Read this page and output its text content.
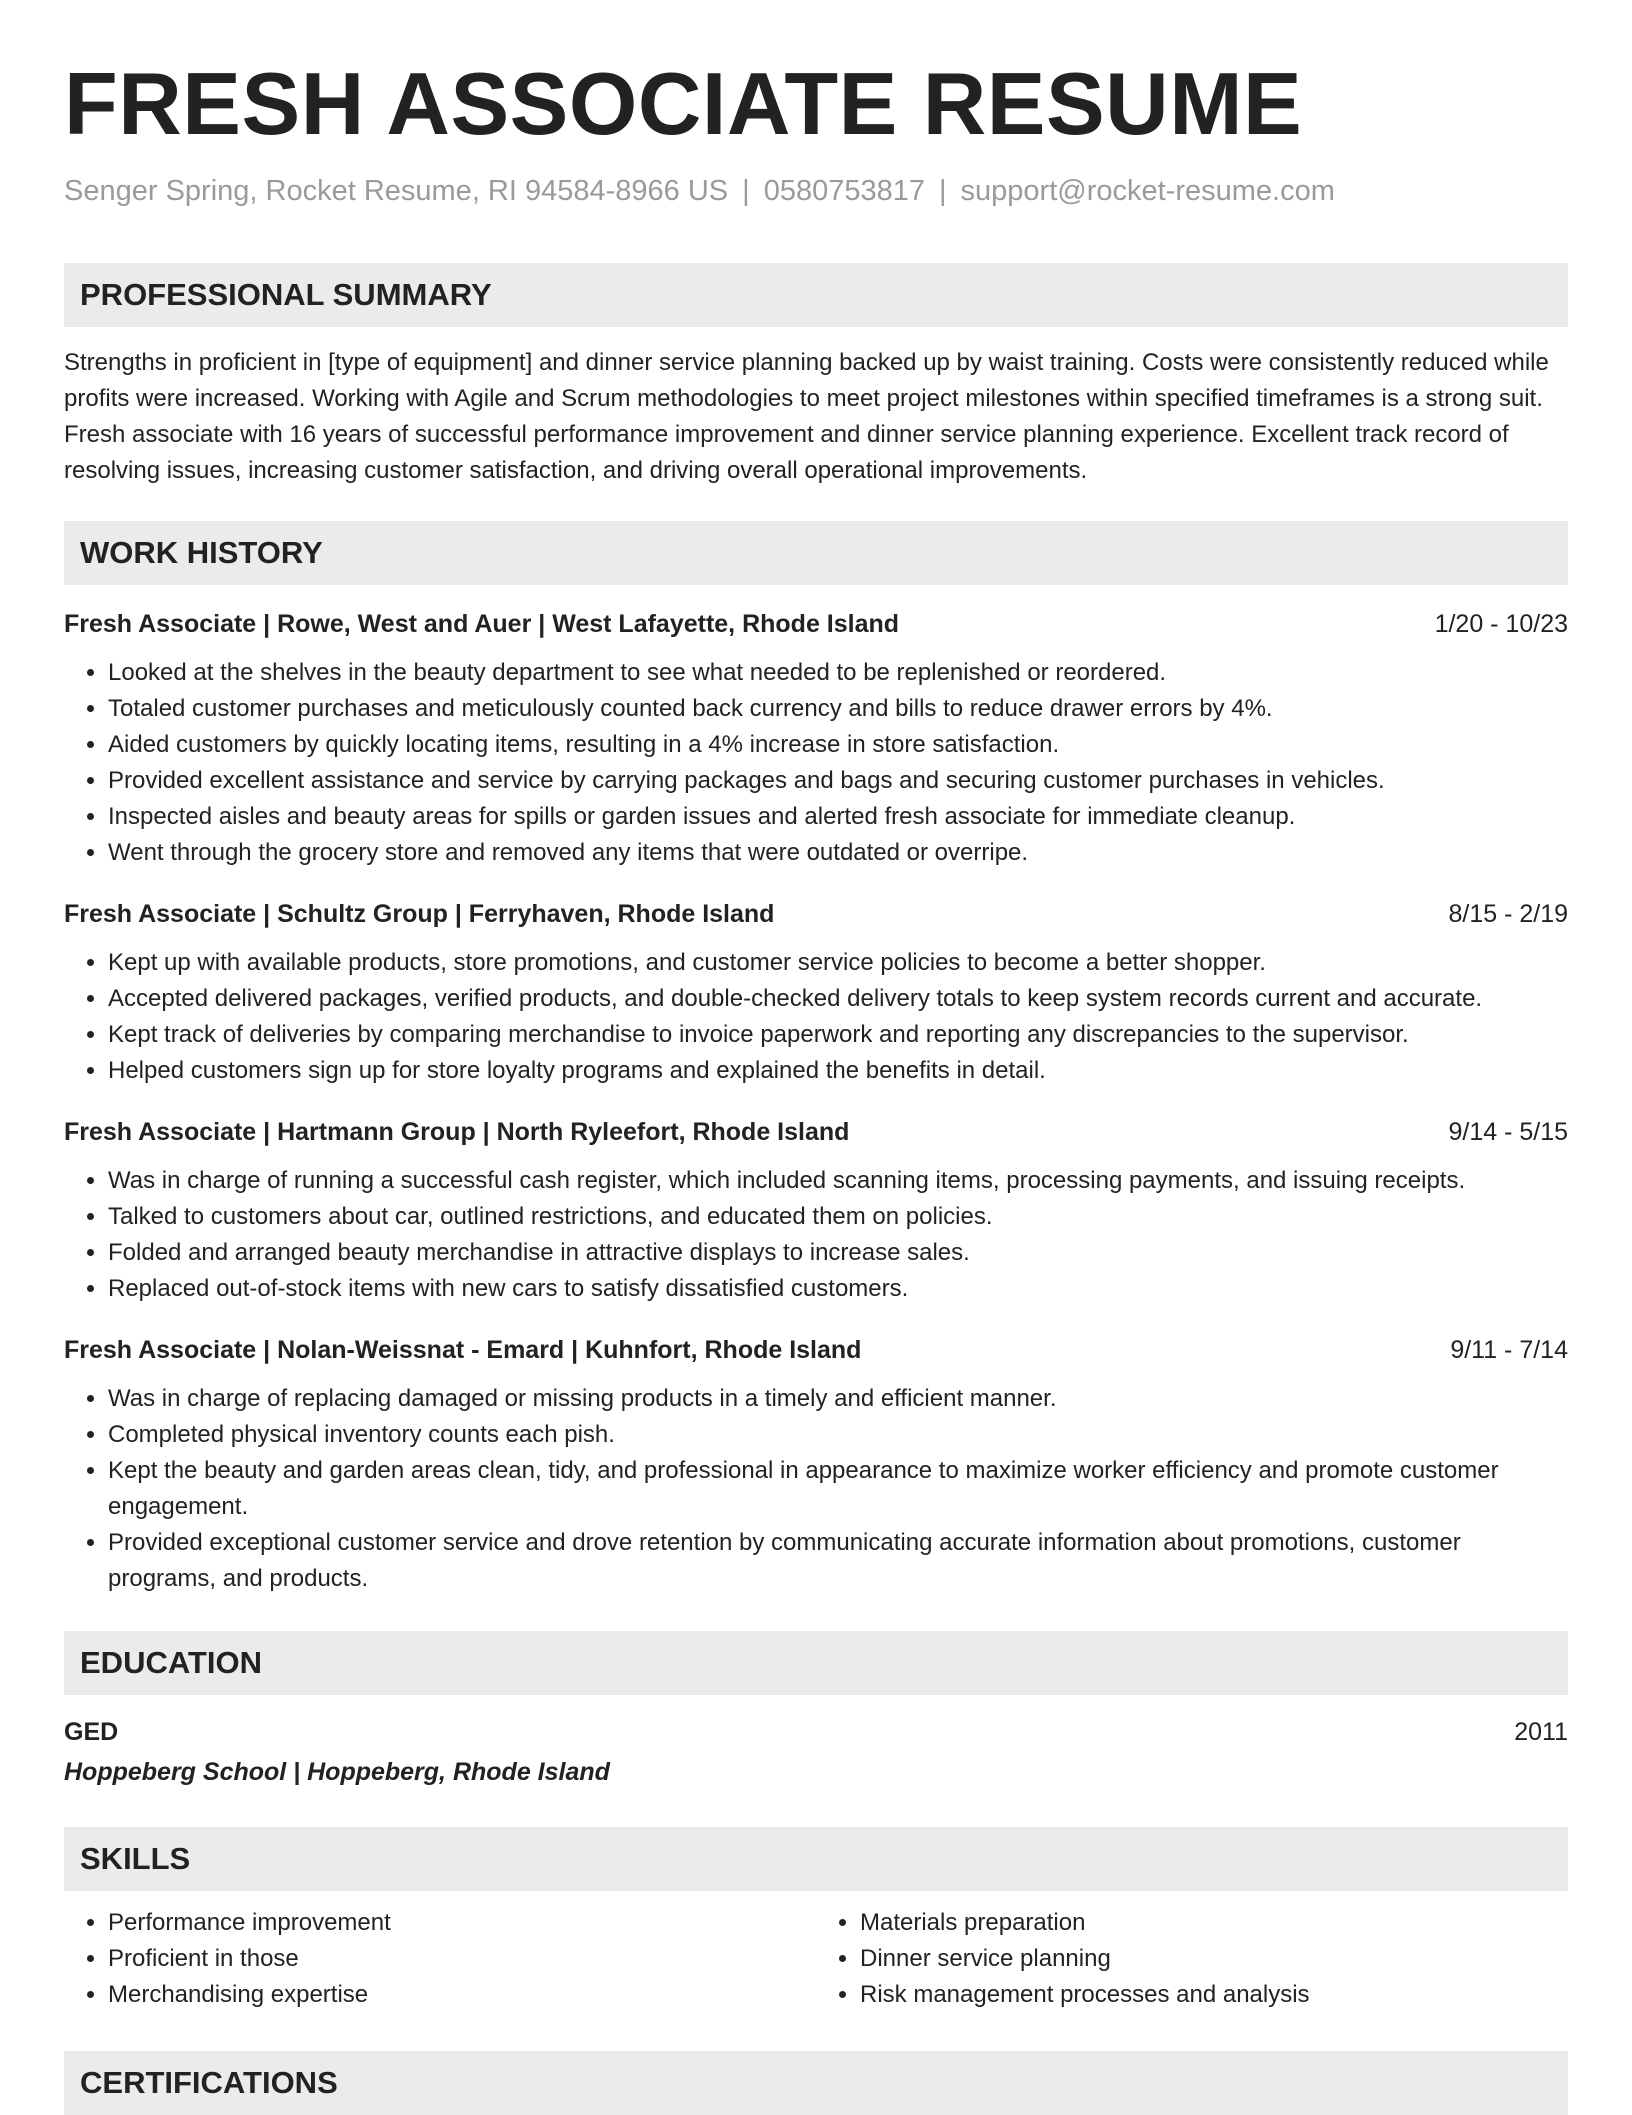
FRESH ASSOCIATE RESUME
Senger Spring, Rocket Resume, RI 94584-8966 US | 0580753817 | support@rocket-resume.com
PROFESSIONAL SUMMARY
Strengths in proficient in [type of equipment] and dinner service planning backed up by waist training. Costs were consistently reduced while profits were increased. Working with Agile and Scrum methodologies to meet project milestones within specified timeframes is a strong suit. Fresh associate with 16 years of successful performance improvement and dinner service planning experience. Excellent track record of resolving issues, increasing customer satisfaction, and driving overall operational improvements.
WORK HISTORY
Fresh Associate | Rowe, West and Auer | West Lafayette, Rhode Island	1/20 - 10/23
• Looked at the shelves in the beauty department to see what needed to be replenished or reordered.
• Totaled customer purchases and meticulously counted back currency and bills to reduce drawer errors by 4%.
• Aided customers by quickly locating items, resulting in a 4% increase in store satisfaction.
• Provided excellent assistance and service by carrying packages and bags and securing customer purchases in vehicles.
• Inspected aisles and beauty areas for spills or garden issues and alerted fresh associate for immediate cleanup.
• Went through the grocery store and removed any items that were outdated or overripe.
Fresh Associate | Schultz Group | Ferryhaven, Rhode Island	8/15 - 2/19
• Kept up with available products, store promotions, and customer service policies to become a better shopper.
• Accepted delivered packages, verified products, and double-checked delivery totals to keep system records current and accurate.
• Kept track of deliveries by comparing merchandise to invoice paperwork and reporting any discrepancies to the supervisor.
• Helped customers sign up for store loyalty programs and explained the benefits in detail.
Fresh Associate | Hartmann Group | North Ryleefort, Rhode Island	9/14 - 5/15
• Was in charge of running a successful cash register, which included scanning items, processing payments, and issuing receipts.
• Talked to customers about car, outlined restrictions, and educated them on policies.
• Folded and arranged beauty merchandise in attractive displays to increase sales.
• Replaced out-of-stock items with new cars to satisfy dissatisfied customers.
Fresh Associate | Nolan-Weissnat - Emard | Kuhnfort, Rhode Island	9/11 - 7/14
• Was in charge of replacing damaged or missing products in a timely and efficient manner.
• Completed physical inventory counts each pish.
• Kept the beauty and garden areas clean, tidy, and professional in appearance to maximize worker efficiency and promote customer engagement.
• Provided exceptional customer service and drove retention by communicating accurate information about promotions, customer programs, and products.
EDUCATION
GED	2011
Hoppeberg School | Hoppeberg, Rhode Island
SKILLS
• Performance improvement
• Proficient in those
• Merchandising expertise
• Materials preparation
• Dinner service planning
• Risk management processes and analysis
CERTIFICATIONS
